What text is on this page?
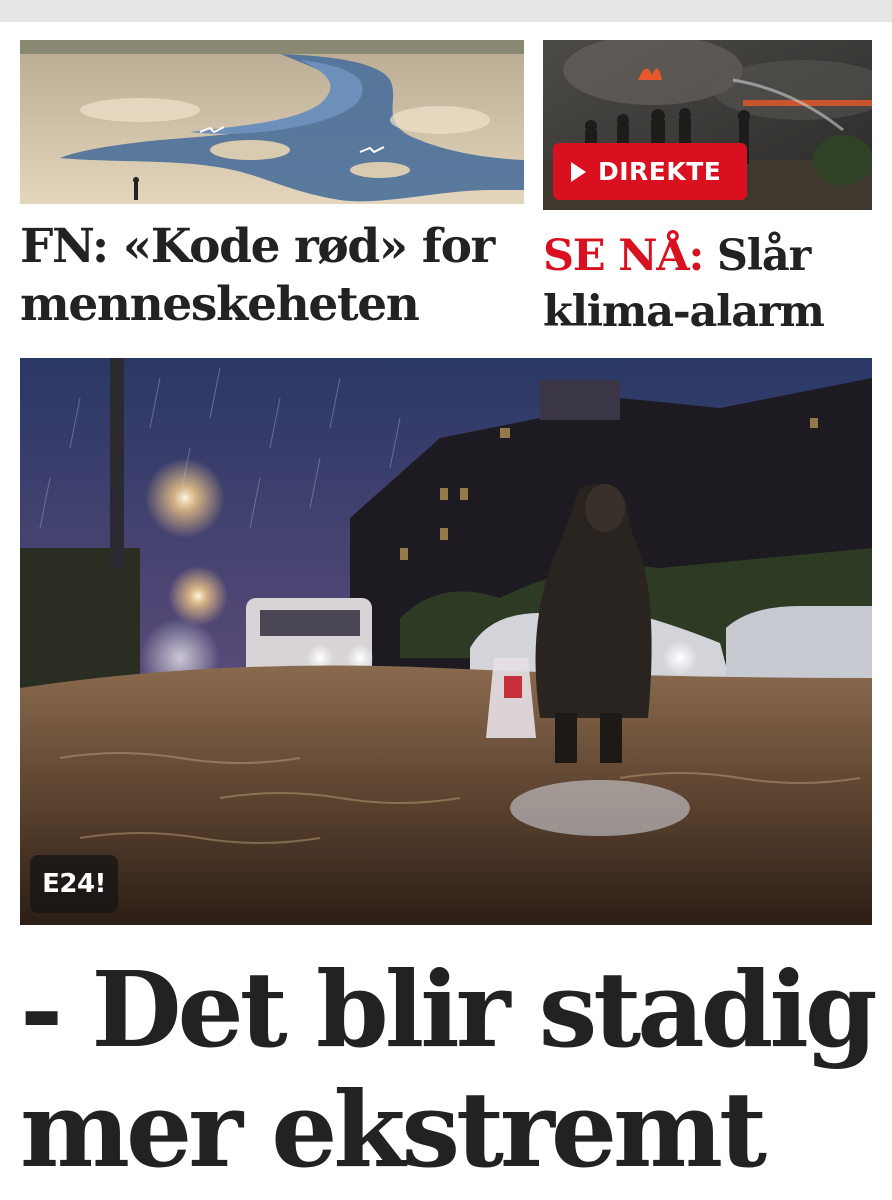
FN: «Kode rød» for
menneskeheten
DIREKTE
SE NÅ: Slår
klima-alarm
E24!
- Det blir stadig
mer ekstremt
